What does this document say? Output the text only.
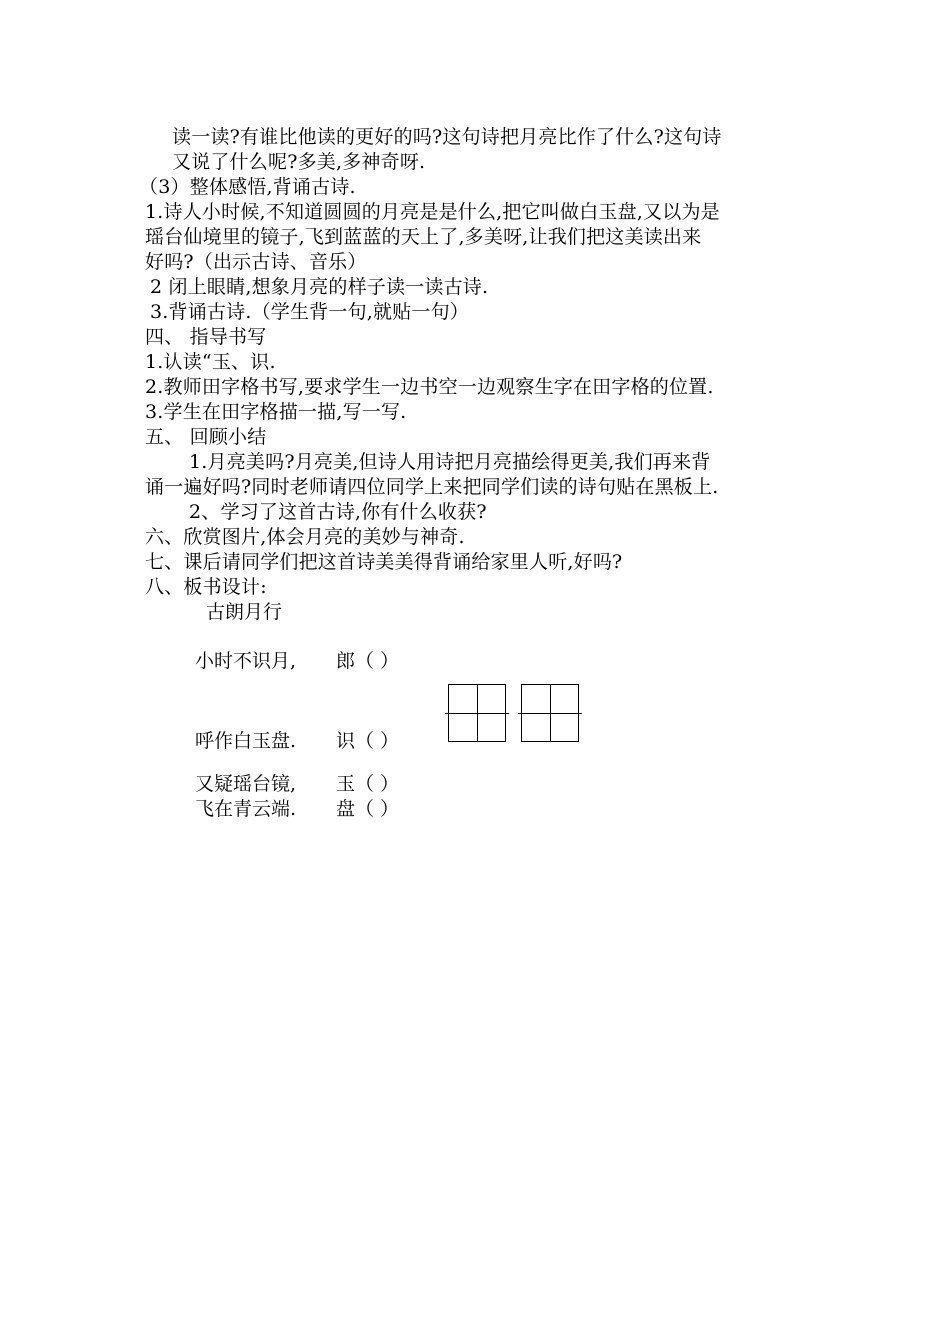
读一读?有谁比他读的更好的吗?这句诗把月亮比作了什么?这句诗
又说了什么呢?多美,多神奇呀.
（3）整体感悟,背诵古诗.
1.诗人小时候,不知道圆圆的月亮是是什么,把它叫做白玉盘,又以为是
瑶台仙境里的镜子,飞到蓝蓝的天上了,多美呀,让我们把这美读出来
好吗?（出示古诗、音乐）
2 闭上眼睛,想象月亮的样子读一读古诗.
3.背诵古诗.（学生背一句,就贴一句）
四、 指导书写
1.认读“玉、识.
2.教师田字格书写,要求学生一边书空一边观察生字在田字格的位置.
3.学生在田字格描一描,写一写.
五、 回顾小结
1.月亮美吗?月亮美,但诗人用诗把月亮描绘得更美,我们再来背
诵一遍好吗?同时老师请四位同学上来把同学们读的诗句贴在黑板上.
2、学习了这首古诗,你有什么收获?
六、欣赏图片,体会月亮的美妙与神奇.
七、课后请同学们把这首诗美美得背诵给家里人听,好吗?
八、板书设计:
古朗月行
小时不识月, 郎（ ）
呼作白玉盘. 识（ ）
又疑瑶台镜, 玉（ ）
飞在青云端. 盘（ ）
